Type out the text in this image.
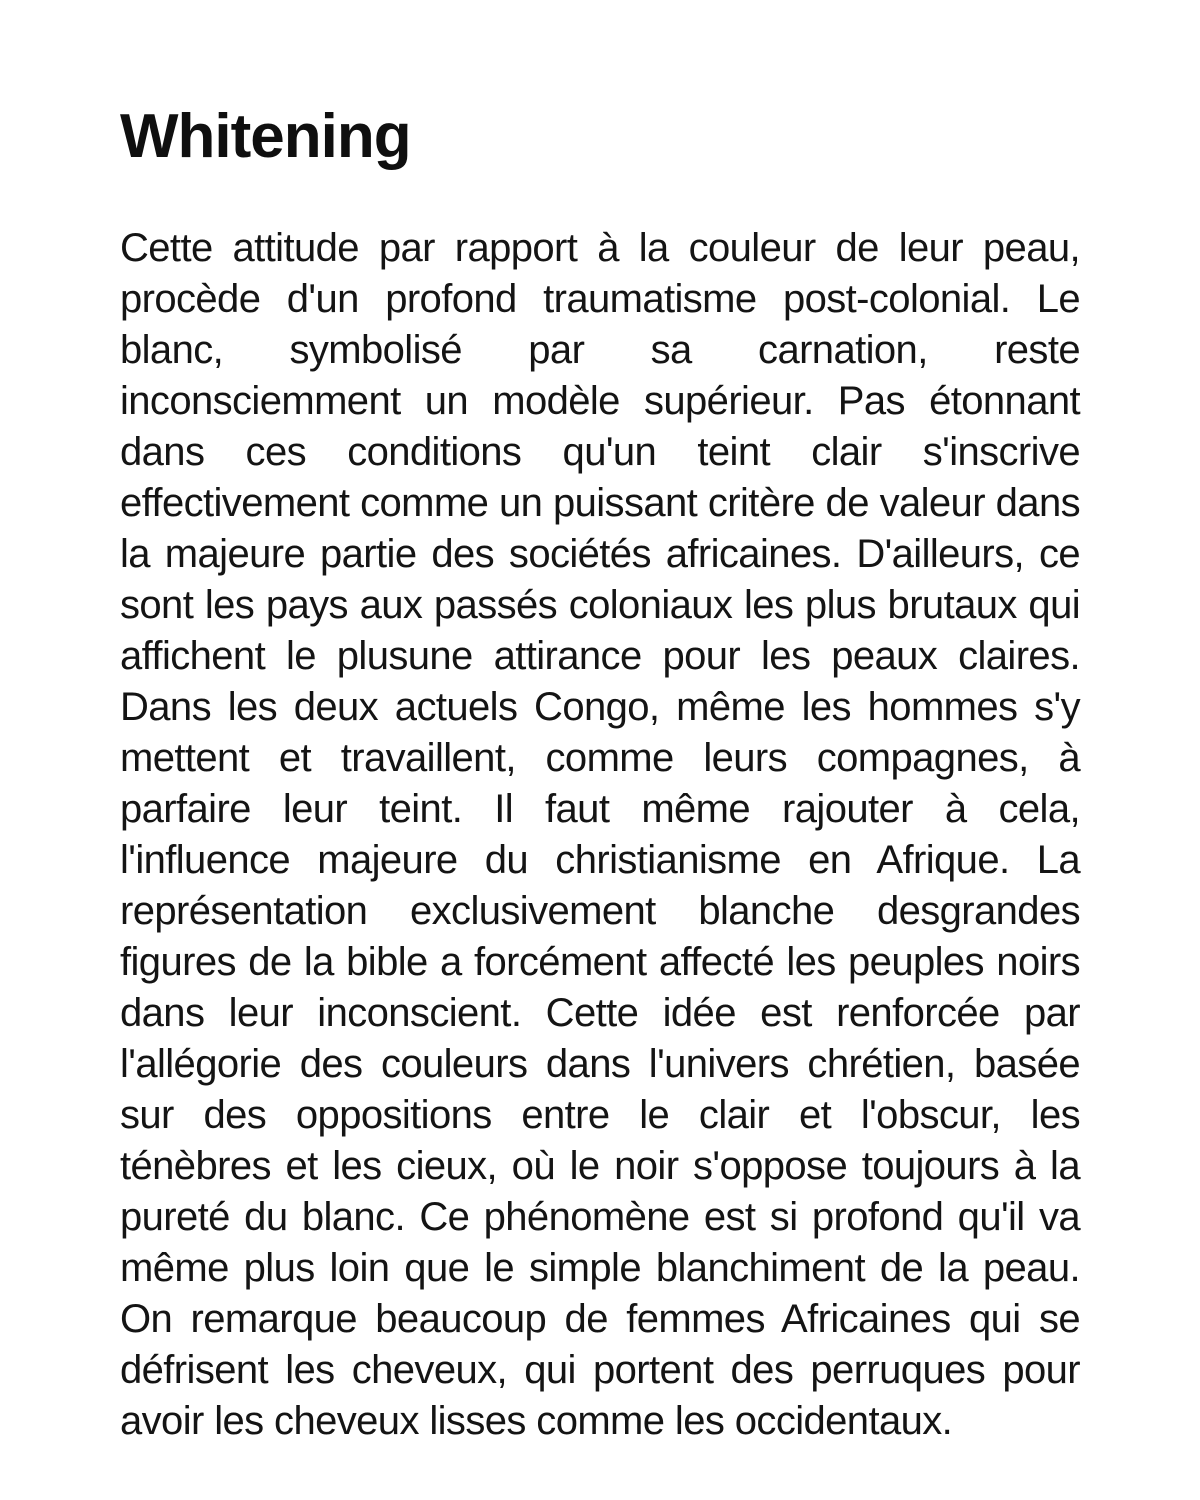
Whitening

Cette attitude par rapport à la couleur de leur peau, procède d'un profond traumatisme post-colonial. Le blanc, symbolisé par sa carnation, reste inconsciemment un modèle supérieur. Pas étonnant dans ces conditions qu'un teint clair s'inscrive effectivement comme un puissant critère de valeur dans la majeure partie des sociétés africaines. D'ailleurs, ce sont les pays aux passés coloniaux les plus brutaux qui affichent le plusune attirance pour les peaux claires. Dans les deux actuels Congo, même les hommes s'y mettent et travaillent, comme leurs compagnes, à parfaire leur teint. Il faut même rajouter à cela, l'influence majeure du christianisme en Afrique. La représentation exclusivement blanche desgrandes figures de la bible a forcément affecté les peuples noirs dans leur inconscient. Cette idée est renforcée par l'allégorie des couleurs dans l'univers chrétien, basée sur des oppositions entre le clair et l'obscur, les ténèbres et les cieux, où le noir s'oppose toujours à la pureté du blanc. Ce phénomène est si profond qu'il va même plus loin que le simple blanchiment de la peau. On remarque beaucoup de femmes Africaines qui se défrisent les cheveux, qui portent des perruques pour avoir les cheveux lisses comme les occidentaux.
